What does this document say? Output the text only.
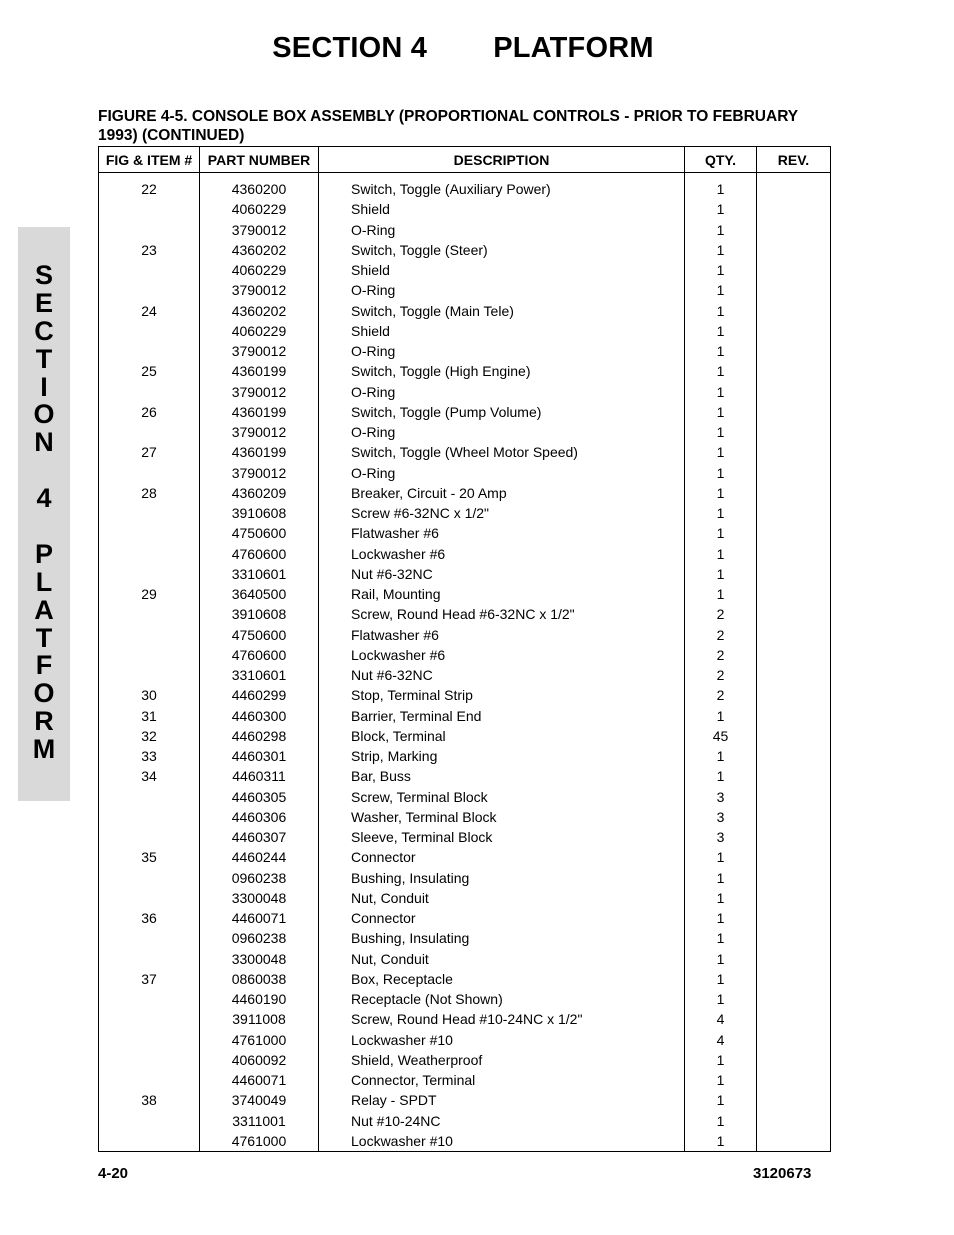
SECTION 4        PLATFORM
FIGURE 4-5. CONSOLE BOX ASSEMBLY (PROPORTIONAL CONTROLS - PRIOR TO FEBRUARY 1993) (CONTINUED)
S
E
C
T
I
O
N
4
P
L
A
T
F
O
R
M
FIG & ITEM #	PART NUMBER	DESCRIPTION	QTY.	REV.

22	4360200	Switch, Toggle (Auxiliary Power)	1	
	4060229	Shield	1	
	3790012	O-Ring	1	
23	4360202	Switch, Toggle (Steer)	1	
	4060229	Shield	1	
	3790012	O-Ring	1	
24	4360202	Switch, Toggle (Main Tele)	1	
	4060229	Shield	1	
	3790012	O-Ring	1	
25	4360199	Switch, Toggle (High Engine)	1	
	3790012	O-Ring	1	
26	4360199	Switch, Toggle (Pump Volume)	1	
	3790012	O-Ring	1	
27	4360199	Switch, Toggle (Wheel Motor Speed)	1	
	3790012	O-Ring	1	
28	4360209	Breaker, Circuit - 20 Amp	1	
	3910608	Screw #6-32NC x 1/2"	1	
	4750600	Flatwasher #6	1	
	4760600	Lockwasher #6	1	
	3310601	Nut #6-32NC	1	
29	3640500	Rail, Mounting	1	
	3910608	Screw, Round Head #6-32NC x 1/2"	2	
	4750600	Flatwasher #6	2	
	4760600	Lockwasher #6	2	
	3310601	Nut #6-32NC	2	
30	4460299	Stop, Terminal Strip	2	
31	4460300	Barrier, Terminal End	1	
32	4460298	Block, Terminal	45	
33	4460301	Strip, Marking	1	
34	4460311	Bar, Buss	1	
	4460305	Screw, Terminal Block	3	
	4460306	Washer, Terminal Block	3	
	4460307	Sleeve, Terminal Block	3	
35	4460244	Connector	1	
	0960238	Bushing, Insulating	1	
	3300048	Nut, Conduit	1	
36	4460071	Connector	1	
	0960238	Bushing, Insulating	1	
	3300048	Nut, Conduit	1	
37	0860038	Box, Receptacle	1	
	4460190	Receptacle (Not Shown)	1	
	3911008	Screw, Round Head #10-24NC x 1/2"	4	
	4761000	Lockwasher #10	4	
	4060092	Shield, Weatherproof	1	
	4460071	Connector, Terminal	1	
38	3740049	Relay - SPDT	1	
	3311001	Nut #10-24NC	1	
	4761000	Lockwasher #10	1	
4-20	3120673
